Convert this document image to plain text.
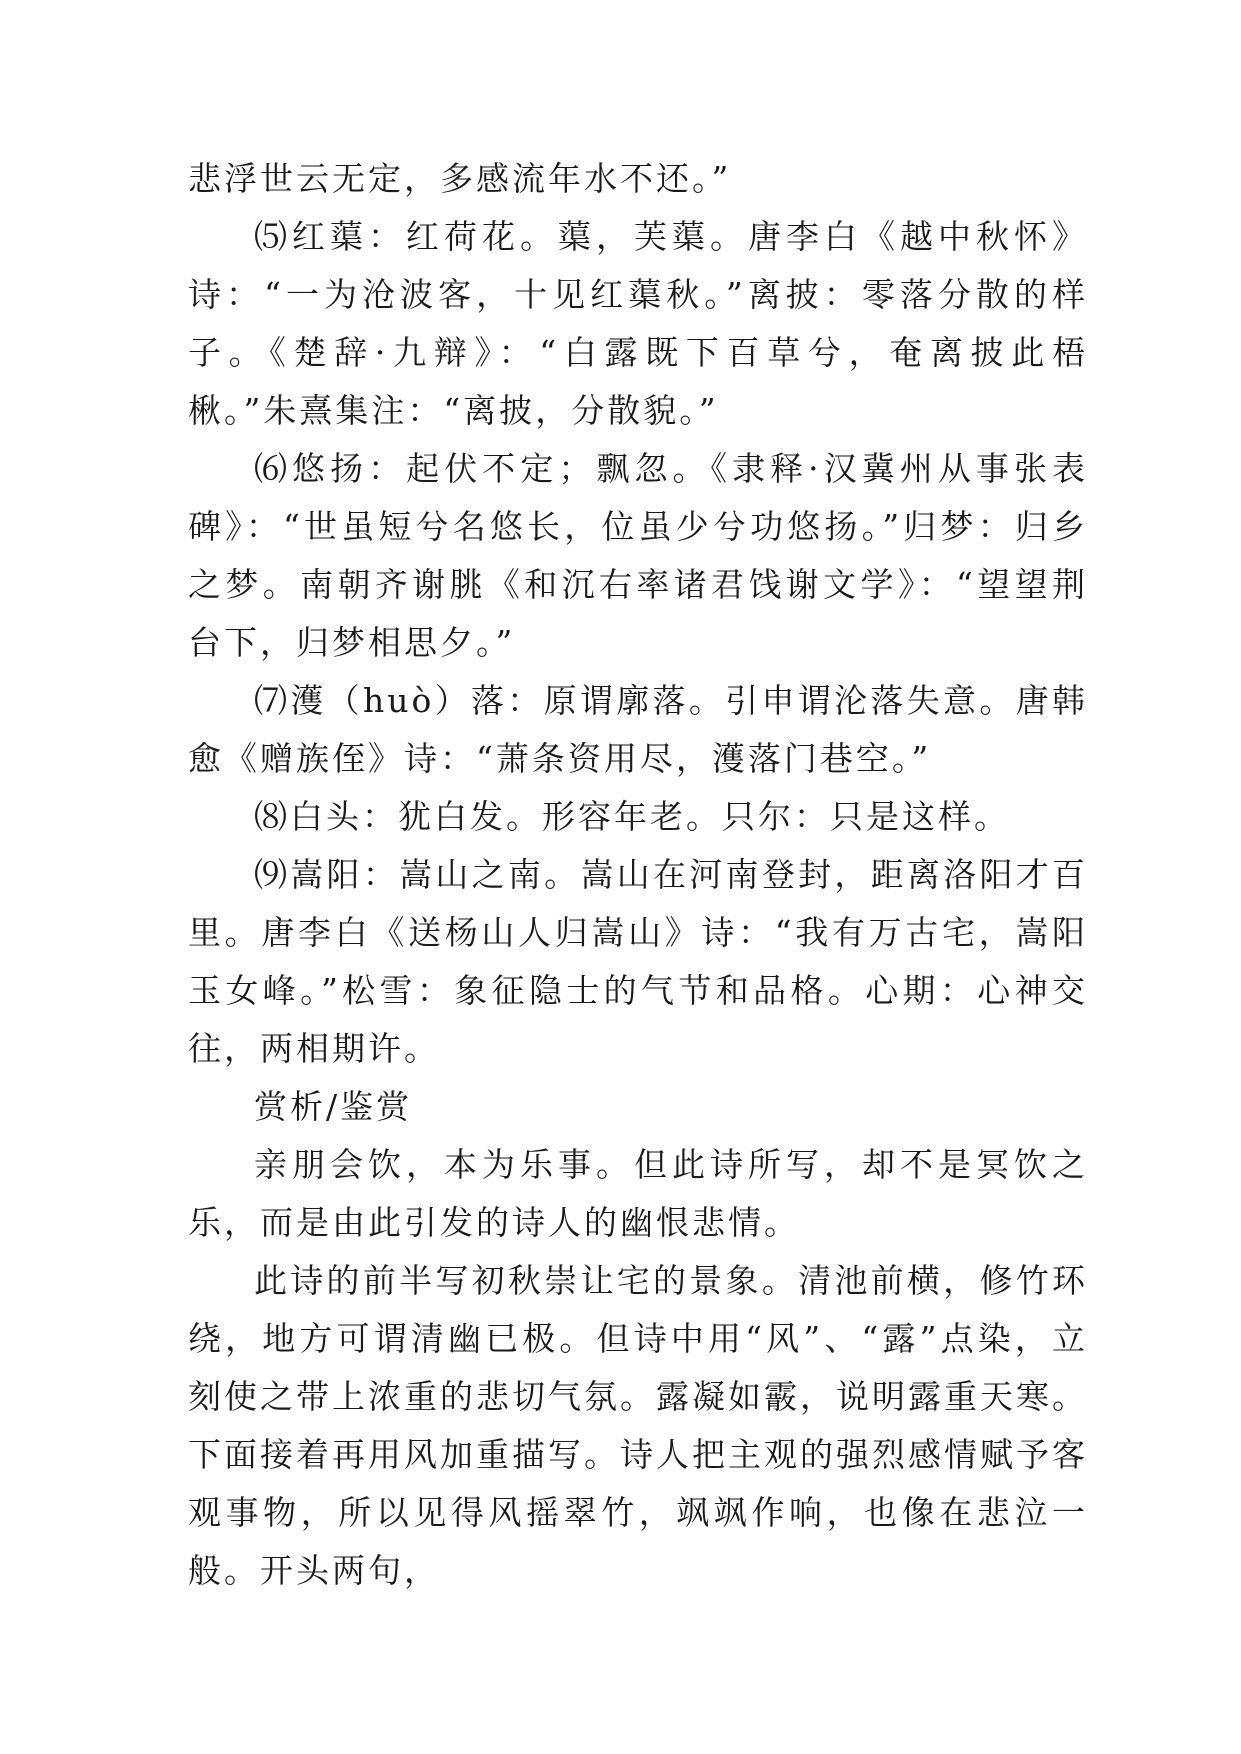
悲浮世云无定，多感流年水不还。”

⑸红蕖：红荷花。蕖，芙蕖。唐李白《越中秋怀》诗：“一为沧波客，十见红蕖秋。”离披：零落分散的样子。《楚辞·九辩》：“白露既下百草兮，奄离披此梧楸。”朱熹集注：“离披，分散貌。”

⑹悠扬：起伏不定；飘忽。《隶释·汉冀州从事张表碑》：“世虽短兮名悠长，位虽少兮功悠扬。”归梦：归乡之梦。南朝齐谢朓《和沉右率诸君饯谢文学》：“望望荆台下，归梦相思夕。”

⑺濩（huò）落：原谓廓落。引申谓沦落失意。唐韩愈《赠族侄》诗：“萧条资用尽，濩落门巷空。”

⑻白头：犹白发。形容年老。只尔：只是这样。

⑼嵩阳：嵩山之南。嵩山在河南登封，距离洛阳才百里。唐李白《送杨山人归嵩山》诗：“我有万古宅，嵩阳玉女峰。”松雪：象征隐士的气节和品格。心期：心神交往，两相期许。

赏析/鉴赏

亲朋会饮，本为乐事。但此诗所写，却不是冥饮之乐，而是由此引发的诗人的幽恨悲情。

此诗的前半写初秋崇让宅的景象。清池前横，修竹环绕，地方可谓清幽已极。但诗中用“风”、“露”点染，立刻使之带上浓重的悲切气氛。露凝如霰，说明露重天寒。下面接着再用风加重描写。诗人把主观的强烈感情赋予客观事物，所以见得风摇翠竹，飒飒作响，也像在悲泣一般。开头两句，
